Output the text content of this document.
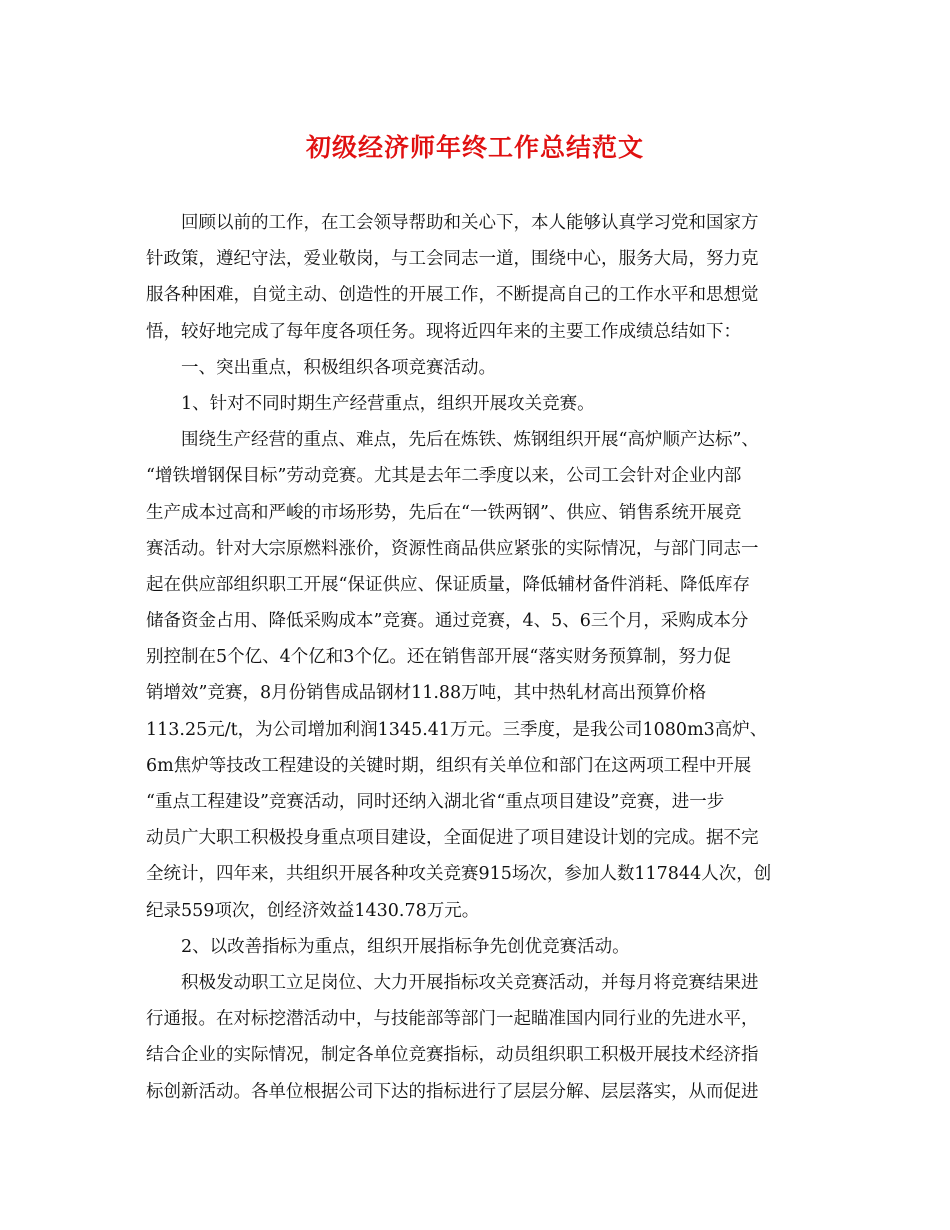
初级经济师年终工作总结范文
回顾以前的工作，在工会领导帮助和关心下，本人能够认真学习党和国家方
针政策，遵纪守法，爱业敬岗，与工会同志一道，围绕中心，服务大局，努力克
服各种困难，自觉主动、创造性的开展工作，不断提高自己的工作水平和思想觉
悟，较好地完成了每年度各项任务。现将近四年来的主要工作成绩总结如下：
一、突出重点，积极组织各项竞赛活动。
1、针对不同时期生产经营重点，组织开展攻关竞赛。
围绕生产经营的重点、难点，先后在炼铁、炼钢组织开展“高炉顺产达标”、
“增铁增钢保目标”劳动竞赛。尤其是去年二季度以来，公司工会针对企业内部
生产成本过高和严峻的市场形势，先后在“一铁两钢”、供应、销售系统开展竞
赛活动。针对大宗原燃料涨价，资源性商品供应紧张的实际情况，与部门同志一
起在供应部组织职工开展“保证供应、保证质量，降低辅材备件消耗、降低库存
储备资金占用、降低采购成本”竞赛。通过竞赛，4、5、6三个月，采购成本分
别控制在5个亿、4个亿和3个亿。还在销售部开展“落实财务预算制，努力促
销增效”竞赛，8月份销售成品钢材11.88万吨，其中热轧材高出预算价格
113.25元/t，为公司增加利润1345.41万元。三季度，是我公司1080m3高炉、
6m焦炉等技改工程建设的关键时期，组织有关单位和部门在这两项工程中开展
“重点工程建设”竞赛活动，同时还纳入湖北省“重点项目建设”竞赛，进一步
动员广大职工积极投身重点项目建设，全面促进了项目建设计划的完成。据不完
全统计，四年来，共组织开展各种攻关竞赛915场次，参加人数117844人次，创
纪录559项次，创经济效益1430.78万元。
2、以改善指标为重点，组织开展指标争先创优竞赛活动。
积极发动职工立足岗位、大力开展指标攻关竞赛活动，并每月将竞赛结果进
行通报。在对标挖潜活动中，与技能部等部门一起瞄准国内同行业的先进水平，
结合企业的实际情况，制定各单位竞赛指标，动员组织职工积极开展技术经济指
标创新活动。各单位根据公司下达的指标进行了层层分解、层层落实，从而促进
